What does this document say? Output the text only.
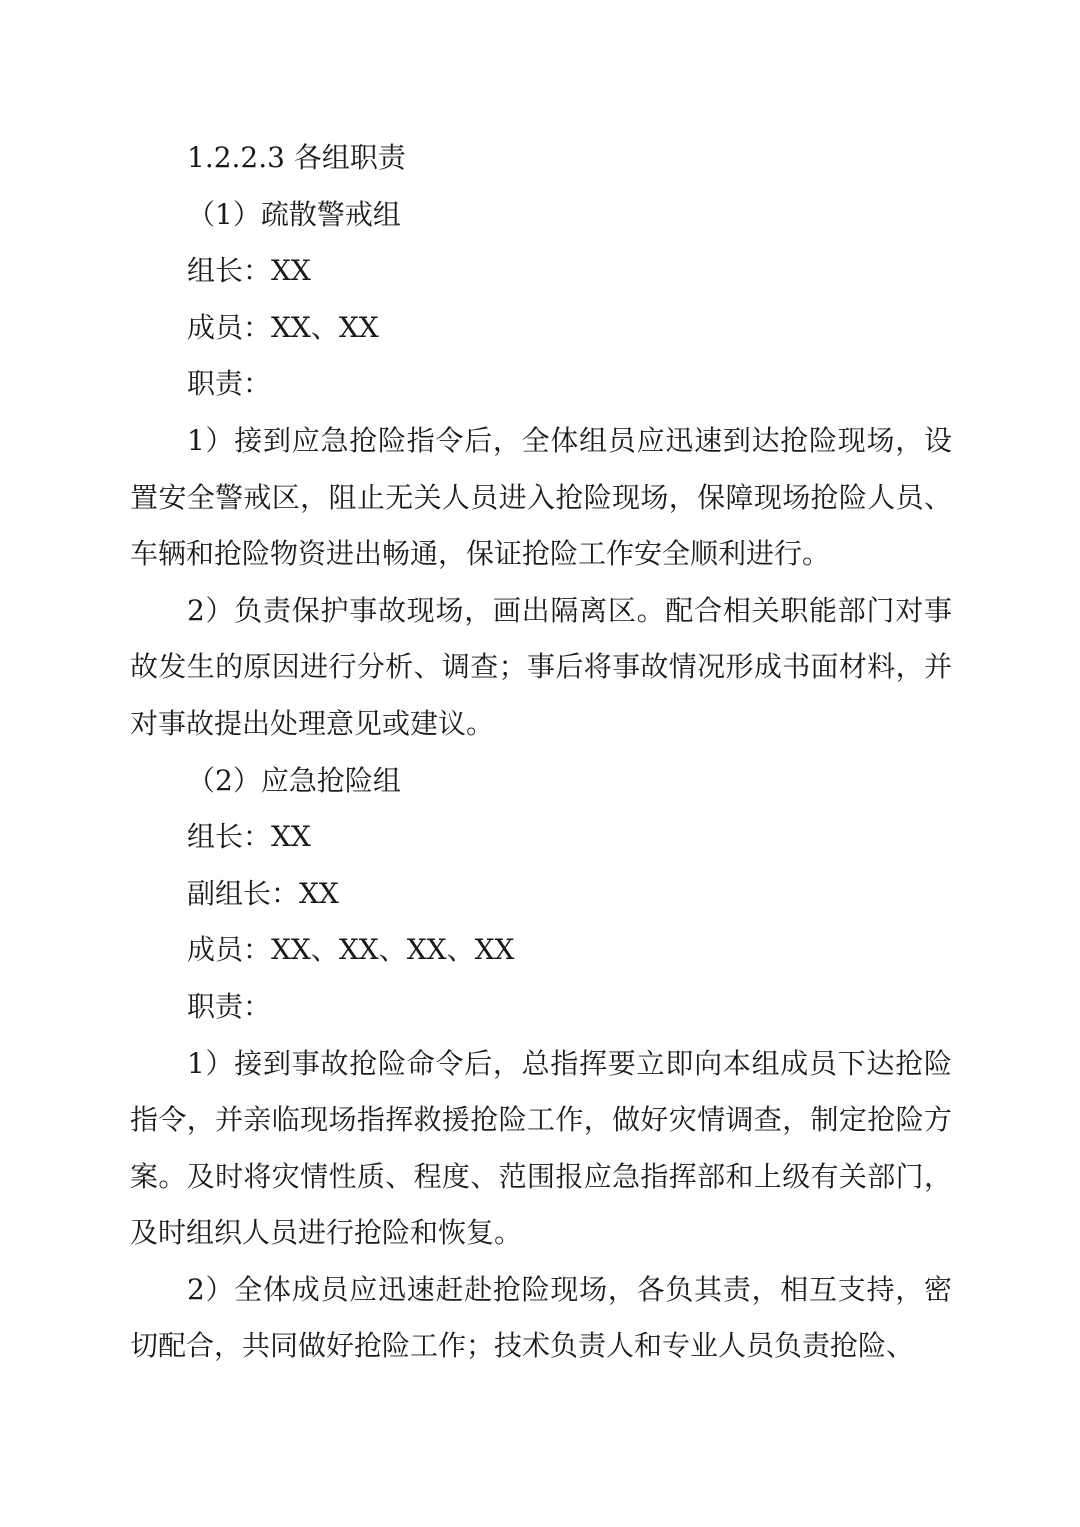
1.2.2.3 各组职责

（1）疏散警戒组

组长：XX

成员：XX、XX

职责：

1）接到应急抢险指令后，全体组员应迅速到达抢险现场，设置安全警戒区，阻止无关人员进入抢险现场，保障现场抢险人员、车辆和抢险物资进出畅通，保证抢险工作安全顺利进行。

2）负责保护事故现场，画出隔离区。配合相关职能部门对事故发生的原因进行分析、调查；事后将事故情况形成书面材料，并对事故提出处理意见或建议。

（2）应急抢险组

组长：XX

副组长：XX

成员：XX、XX、XX、XX

职责：

1）接到事故抢险命令后，总指挥要立即向本组成员下达抢险指令，并亲临现场指挥救援抢险工作，做好灾情调查，制定抢险方案。及时将灾情性质、程度、范围报应急指挥部和上级有关部门，及时组织人员进行抢险和恢复。

2）全体成员应迅速赶赴抢险现场，各负其责，相互支持，密切配合，共同做好抢险工作；技术负责人和专业人员负责抢险、
